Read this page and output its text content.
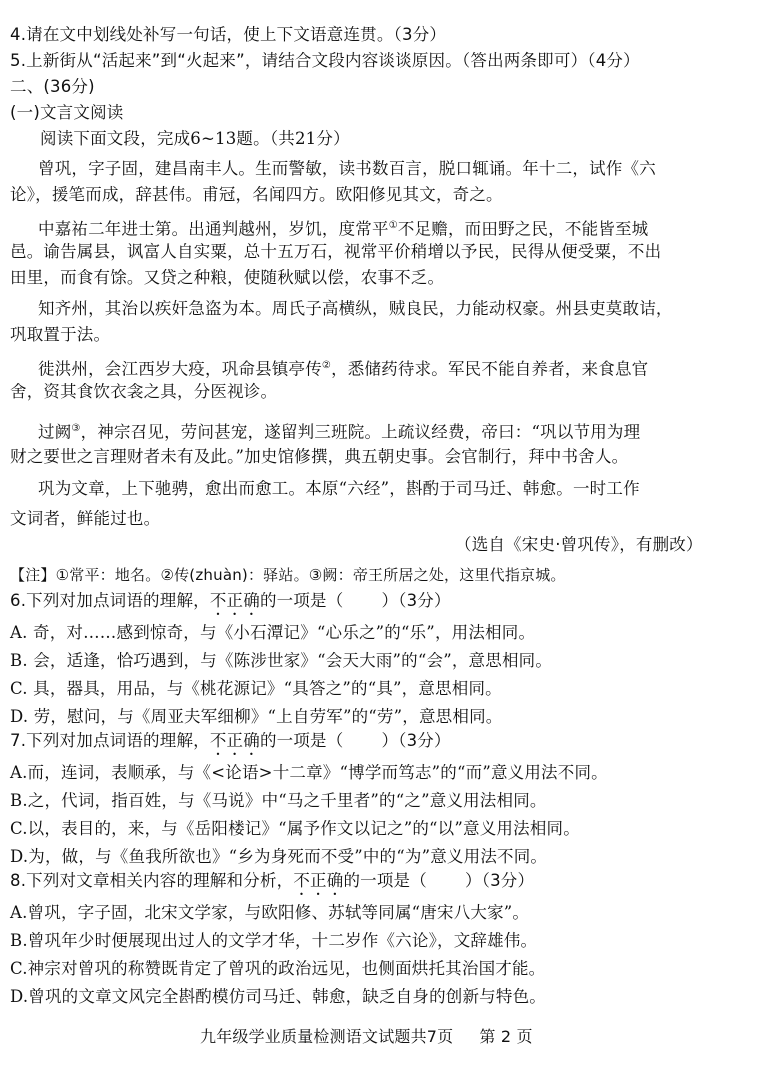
4.请在文中划线处补写一句话，使上下文语意连贯。（3分）
5.上新街从“活起来”到“火起来”，请结合文段内容谈谈原因。（答出两条即可）（4分）
二、(36分)
(一)文言文阅读
阅读下面文段，完成6~13题。（共21分）
曾巩，字子固，建昌南丰人。生而警敏，读书数百言，脱口辄诵。年十二，试作《六
论》，援笔而成，辞甚伟。甫冠，名闻四方。欧阳修见其文，奇之。
中嘉祐二年进士第。出通判越州，岁饥，度常平①不足赡，而田野之民，不能皆至城
邑。谕告属县，讽富人自实粟，总十五万石，视常平价稍增以予民，民得从便受粟，不出
田里，而食有馀。又贷之种粮，使随秋赋以偿，农事不乏。
知齐州，其治以疾奸急盗为本。周氏子高横纵，贼良民，力能动权豪。州县吏莫敢诘，
巩取置于法。
徙洪州，会江西岁大疫，巩命县镇亭传②，悉储药待求。军民不能自养者，来食息官
舍，资其食饮衣衾之具，分医视诊。
过阙③，神宗召见，劳问甚宠，遂留判三班院。上疏议经费，帝曰：“巩以节用为理
财之要世之言理财者未有及此。”加史馆修撰，典五朝史事。会官制行，拜中书舍人。
巩为文章，上下驰骋，愈出而愈工。本原“六经”，斟酌于司马迁、韩愈。一时工作
文词者，鲜能过也。
（选自《宋史·曾巩传》，有删改）
【注】①常平：地名。②传(zhuàn)：驿站。③阙：帝王所居之处，这里代指京城。
6.下列对加点词语的理解，不正确的一项是（ ）（3分）
A. 奇，对……感到惊奇，与《小石潭记》“心乐之”的“乐”，用法相同。
B. 会，适逢，恰巧遇到，与《陈涉世家》“会天大雨”的“会”，意思相同。
C. 具，器具，用品，与《桃花源记》“具答之”的“具”，意思相同。
D. 劳，慰问，与《周亚夫军细柳》“上自劳军”的“劳”，意思相同。
7.下列对加点词语的理解，不正确的一项是（ ）（3分）
A.而，连词，表顺承，与《<论语>十二章》“博学而笃志”的“而”意义用法不同。
B.之，代词，指百姓，与《马说》中“马之千里者”的“之”意义用法相同。
C.以，表目的，来，与《岳阳楼记》“属予作文以记之”的“以”意义用法相同。
D.为，做，与《鱼我所欲也》“乡为身死而不受”中的“为”意义用法不同。
8.下列对文章相关内容的理解和分析，不正确的一项是（ ）（3分）
A.曾巩，字子固，北宋文学家，与欧阳修、苏轼等同属“唐宋八大家”。
B.曾巩年少时便展现出过人的文学才华，十二岁作《六论》，文辞雄伟。
C.神宗对曾巩的称赞既肯定了曾巩的政治远见，也侧面烘托其治国才能。
D.曾巩的文章文风完全斟酌模仿司马迁、韩愈，缺乏自身的创新与特色。
九年级学业质量检测语文试题共7页 第 2 页
